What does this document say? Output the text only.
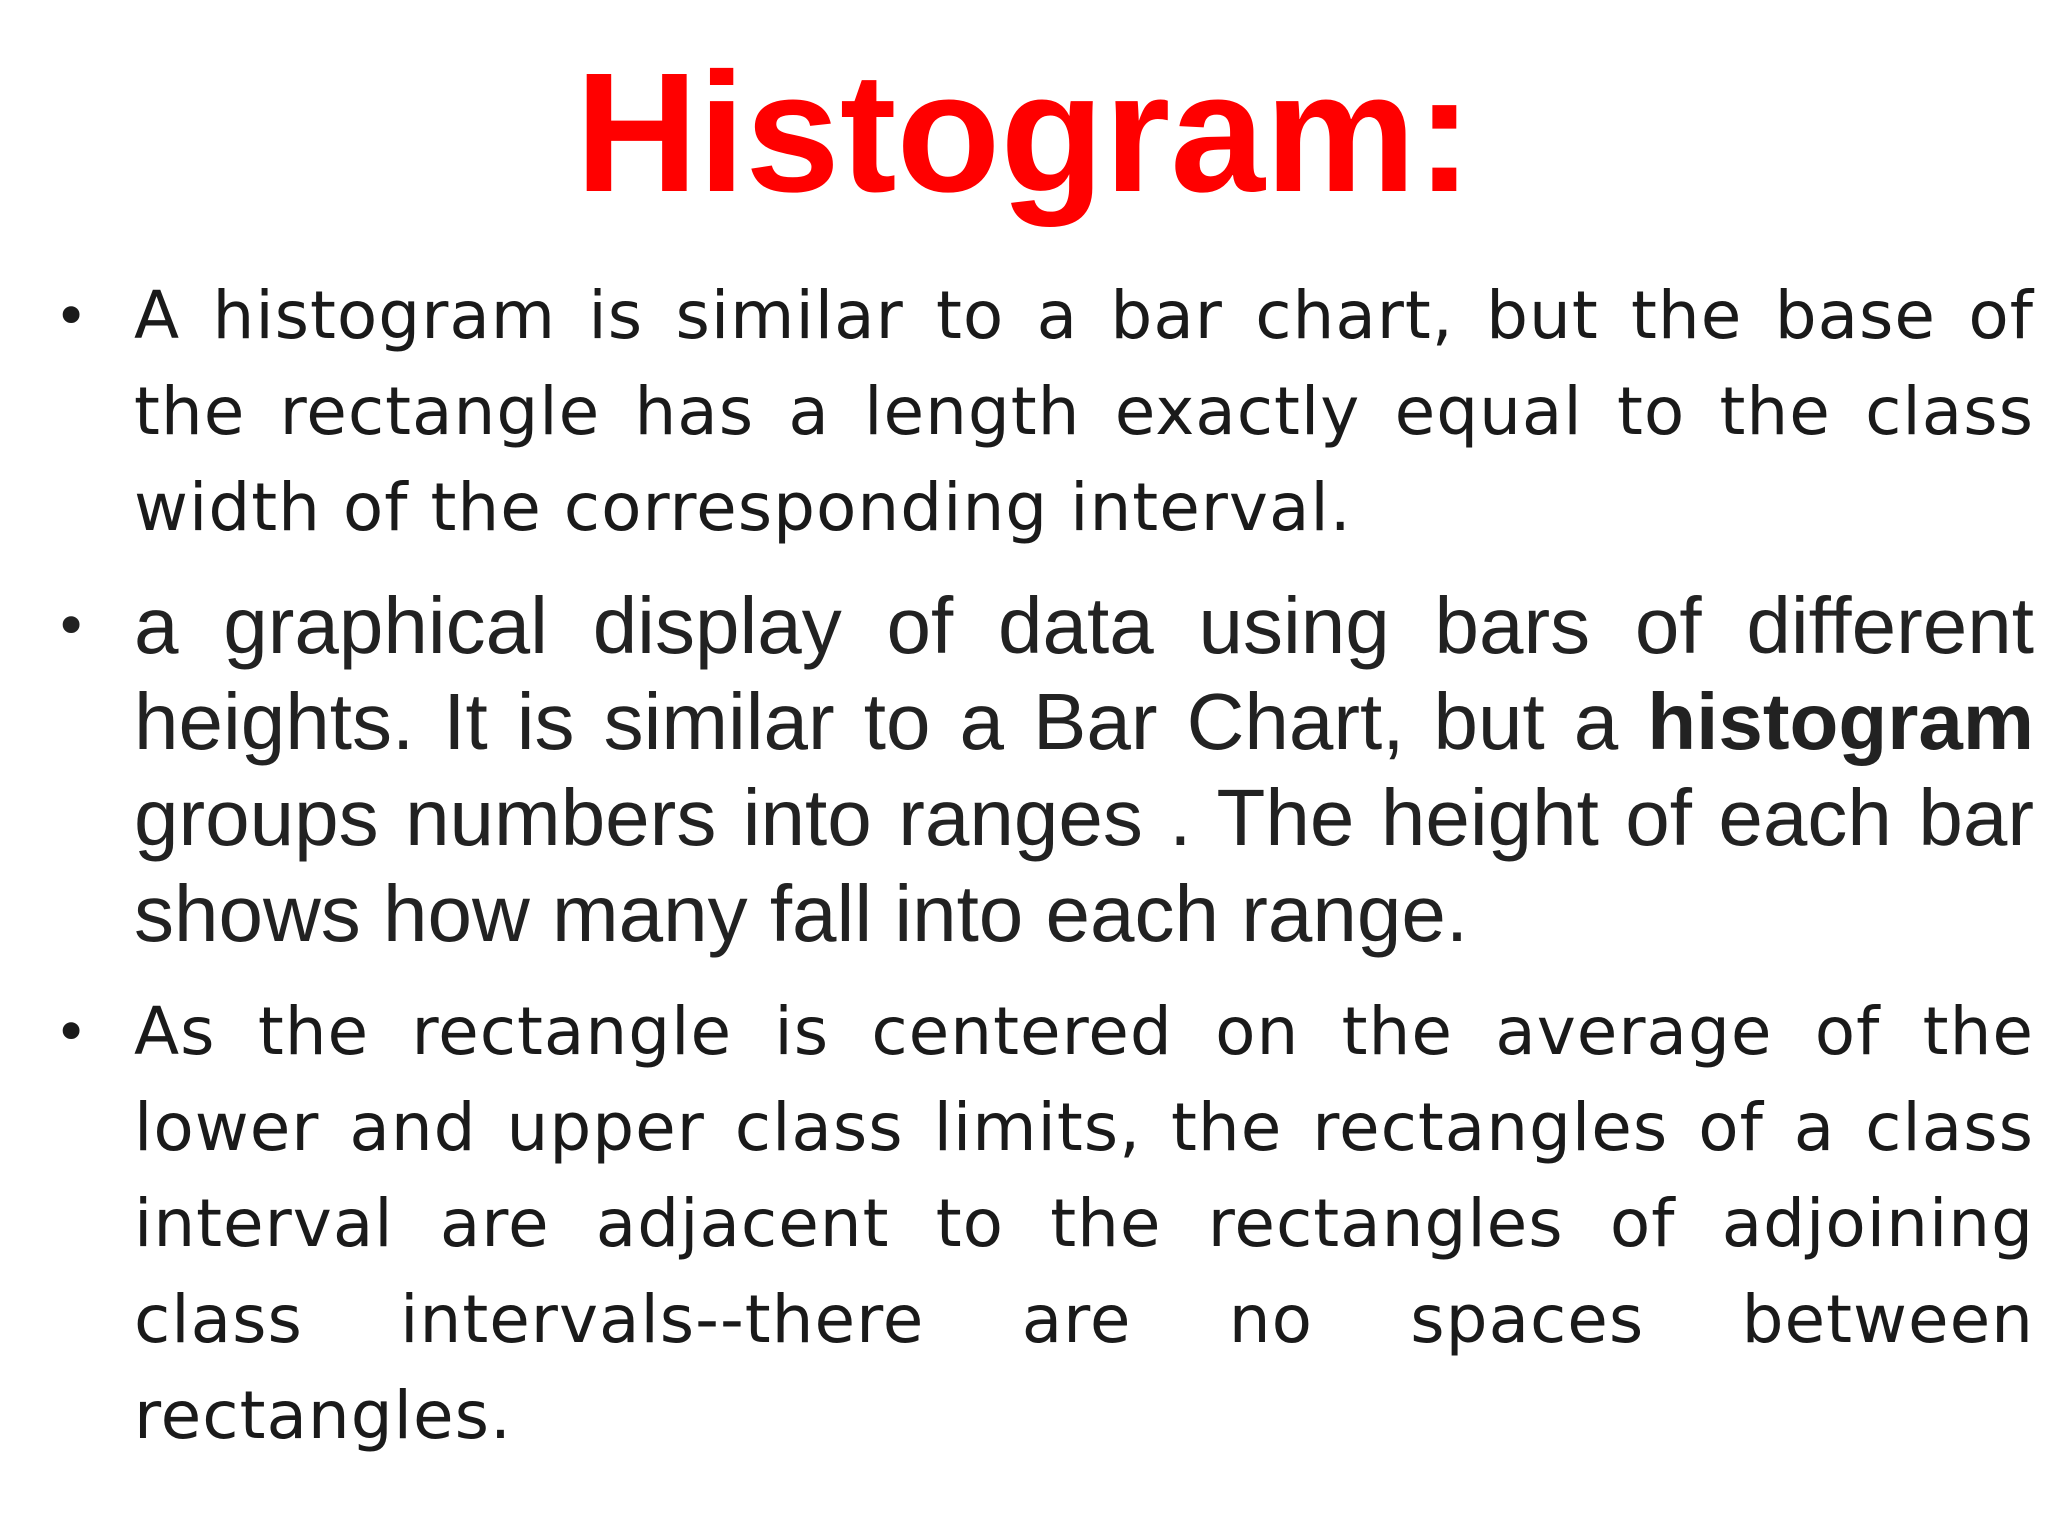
Histogram:
• A histogram is similar to a bar chart, but the base of the rectangle has a length exactly equal to the class width of the corresponding interval.
• a graphical display of data using bars of different heights. It is similar to a Bar Chart, but a histogram groups numbers into ranges . The height of each bar shows how many fall into each range.
• As the rectangle is centered on the average of the lower and upper class limits, the rectangles of a class interval are adjacent to the rectangles of adjoining class intervals--there are no spaces between rectangles.
